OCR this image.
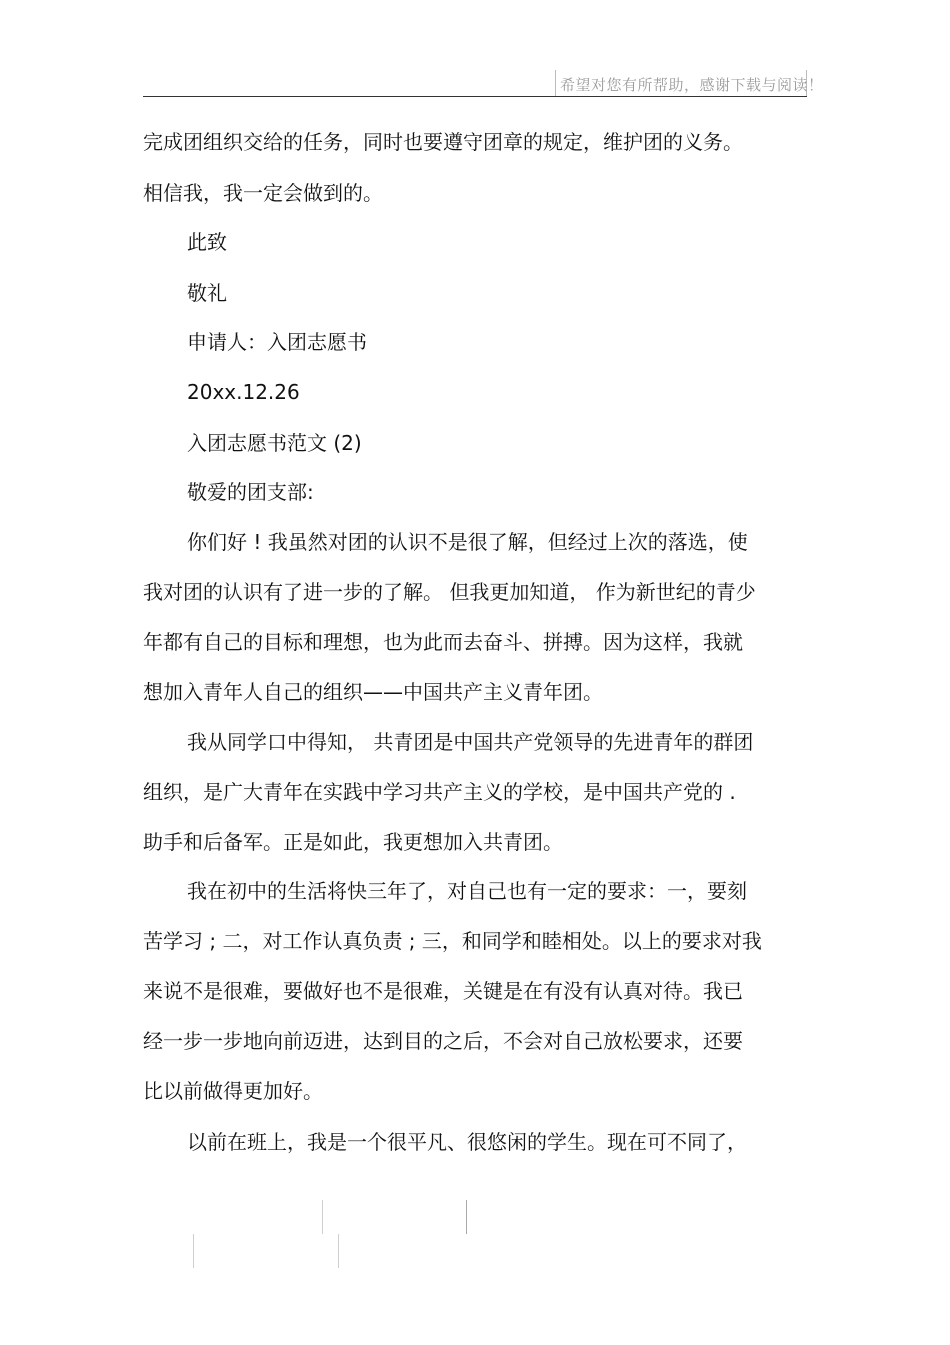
希望对您有所帮助，感谢下载与阅读！
完成团组织交给的任务，同时也要遵守团章的规定，维护团的义务。
相信我，我一定会做到的。
此致
敬礼
申请人：入团志愿书
20xx.12.26
入团志愿书范文 (2)
敬爱的团支部:
你们好 ! 我虽然对团的认识不是很了解，但经过上次的落选，使
我对团的认识有了进一步的了解。 但我更加知道， 作为新世纪的青少
年都有自己的目标和理想，也为此而去奋斗、拼搏。因为这样，我就
想加入青年人自己的组织——中国共产主义青年团。
我从同学口中得知， 共青团是中国共产党领导的先进青年的群团
组织，是广大青年在实践中学习共产主义的学校，是中国共产党的 .
助手和后备军。正是如此，我更想加入共青团。
我在初中的生活将快三年了，对自己也有一定的要求：一，要刻
苦学习 ; 二，对工作认真负责 ; 三，和同学和睦相处。以上的要求对我
来说不是很难，要做好也不是很难，关键是在有没有认真对待。我已
经一步一步地向前迈进，达到目的之后，不会对自己放松要求，还要
比以前做得更加好。
以前在班上，我是一个很平凡、很悠闲的学生。现在可不同了，
